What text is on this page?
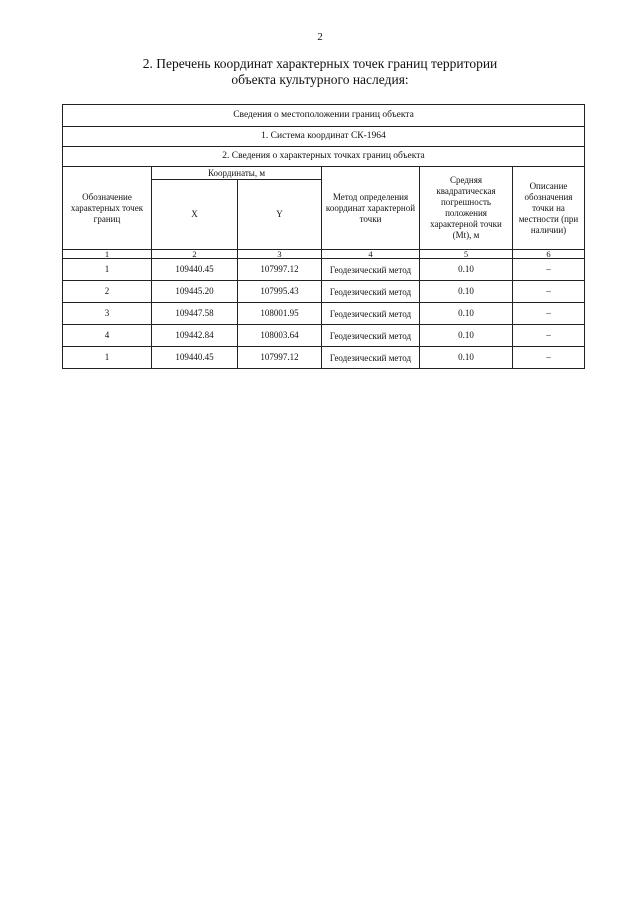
2
2. Перечень координат характерных точек границ территории
объекта культурного наследия:
Сведения о местоположении границ объекта					
1. Система координат СК-1964					
2. Сведения о характерных точках границ объекта					
Обозначение характерных точек границ	Координаты, м		Метод определения координат характерной точки	Средняя квадратическая погрешность положения характерной точки (Mt), м	Описание обозначения точки на местности (при наличии)
	X	Y			
1	2	3	4	5	6
1	109440.45	107997.12	Геодезический метод	0.10	–
2	109445.20	107995.43	Геодезический метод	0.10	–
3	109447.58	108001.95	Геодезический метод	0.10	–
4	109442.84	108003.64	Геодезический метод	0.10	–
1	109440.45	107997.12	Геодезический метод	0.10	–
